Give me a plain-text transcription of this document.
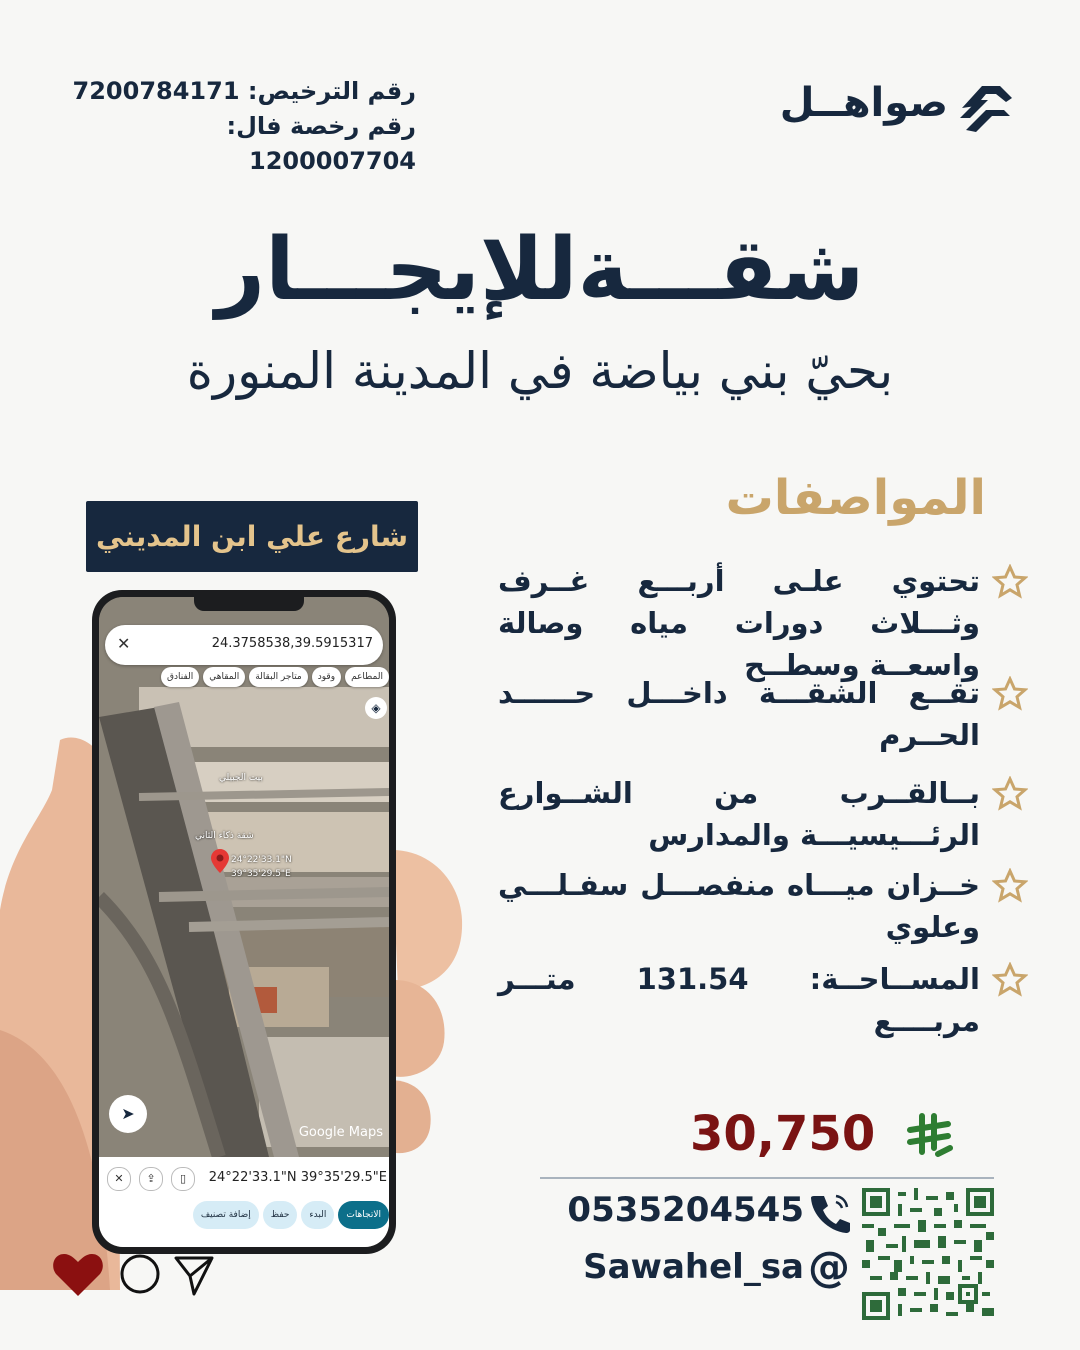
رقم الترخيص: 7200784171
رقم رخصة فال: 1200007704
صواهــل
شقـــةللإيجـــار
بحيّ بني بياضة في المدينة المنورة
المواصفات
تحتوي علـى أربـــع غــرف وثـــلاث دورات مياه وصالة واسعــة وسطــح
تقــع الشقـــة داخـــل حــــــد الحــرم
بــالقــرب من الشــوارع الرئـــيسيـــة والمدارس
خــزان ميـــاه منفصـــل سفـلـــي وعلوي
المســاحــة: 131.54 متـــر مربــــع
شارع علي ابن المديني
✕	24.3758538,39.5915317
المطاعم
وقود
متاجر البقالة
المقاهي
الفنادق
◈
بيت الجبيلي
شقة ذكاء الثاني
24°22'33.1"N
39°35'29.5"E
➤
Google Maps
✕	⇪	▯	24°22'33.1"N 39°35'29.5"E
الاتجاهات
البدء
حفظ
إضافة تصنيف
30,750
0535204545
Sawahel_sa @
